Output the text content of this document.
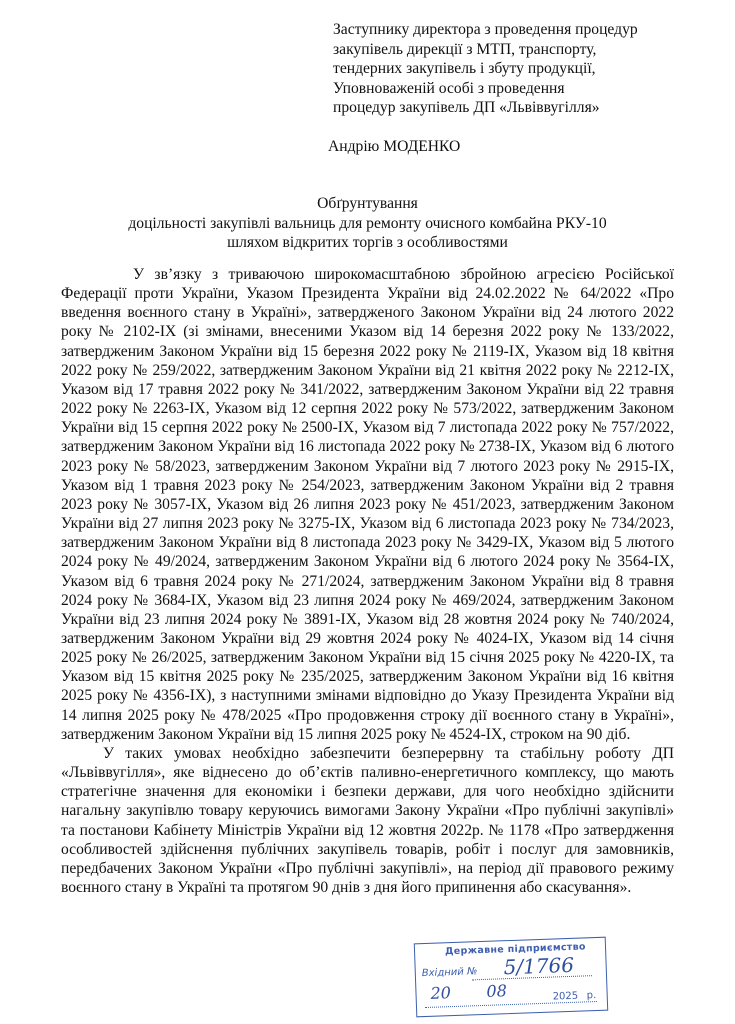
Заступнику директора з проведення процедур
закупівель дирекції з МТП, транспорту,
тендерних закупівель і збуту продукції,
Уповноваженій особі з проведення
процедур закупівель ДП «Львіввугілля»
Андрію МОДЕНКО
Обґрунтування
доцільності закупівлі вальниць для ремонту очисного комбайна РКУ-10
шляхом відкритих торгів з особливостями

У зв’язку з триваючою широкомасштабною збройною агресією Російської Федерації проти України, Указом Президента України від 24.02.2022 № 64/2022 «Про введення воєнного стану в Україні», затвердженого Законом України від 24 лютого 2022 року № 2102-IX (зі змінами, внесеними Указом від 14 березня 2022 року № 133/2022, затвердженим Законом України від 15 березня 2022 року № 2119-IX, Указом від 18 квітня 2022 року № 259/2022, затвердженим Законом України від 21 квітня 2022 року № 2212-IX, Указом від 17 травня 2022 року № 341/2022, затвердженим Законом України від 22 травня 2022 року № 2263-IX, Указом від 12 серпня 2022 року № 573/2022, затвердженим Законом України від 15 серпня 2022 року № 2500-IX, Указом від 7 листопада 2022 року № 757/2022, затвердженим Законом України від 16 листопада 2022 року № 2738-IX, Указом від 6 лютого 2023 року № 58/2023, затвердженим Законом України від 7 лютого 2023 року № 2915-IX, Указом від 1 травня 2023 року № 254/2023, затвердженим Законом України від 2 травня 2023 року № 3057-IX, Указом від 26 липня 2023 року № 451/2023, затвердженим Законом України від 27 липня 2023 року № 3275-IX, Указом від 6 листопада 2023 року № 734/2023, затвердженим Законом України від 8 листопада 2023 року № 3429-IX, Указом від 5 лютого 2024 року № 49/2024, затвердженим Законом України від 6 лютого 2024 року № 3564-IX, Указом від 6 травня 2024 року № 271/2024, затвердженим Законом України від 8 травня 2024 року № 3684-IX, Указом від 23 липня 2024 року № 469/2024, затвердженим Законом України від 23 липня 2024 року № 3891-IX, Указом від 28 жовтня 2024 року № 740/2024, затвердженим Законом України від 29 жовтня 2024 року № 4024-IX, Указом від 14 січня 2025 року № 26/2025, затвердженим Законом України від 15 січня 2025 року № 4220-IX, та Указом від 15 квітня 2025 року № 235/2025, затвердженим Законом України від 16 квітня 2025 року № 4356-IX), з наступними змінами відповідно до Указу Президента України від 14 липня 2025 року № 478/2025 «Про продовження строку дії воєнного стану в Україні», затвердженим Законом України від 15 липня 2025 року № 4524-IX, строком на 90 діб.

У таких умовах необхідно забезпечити безперервну та стабільну роботу ДП «Львіввугілля», яке віднесено до об’єктів паливно-енергетичного комплексу, що мають стратегічне значення для економіки і безпеки держави, для чого необхідно здійснити нагальну закупівлю товару керуючись вимогами Закону України «Про публічні закупівлі» та постанови Кабінету Міністрів України від 12 жовтня 2022р. № 1178 «Про затвердження особливостей здійснення публічних закупівель товарів, робіт і послуг для замовників, передбачених Законом України «Про публічні закупівлі», на період дії правового режиму воєнного стану в Україні та протягом 90 днів з дня його припинення або скасування».

Державне підприємство
Вхідний № 5/1766
20 08	2025 р.
